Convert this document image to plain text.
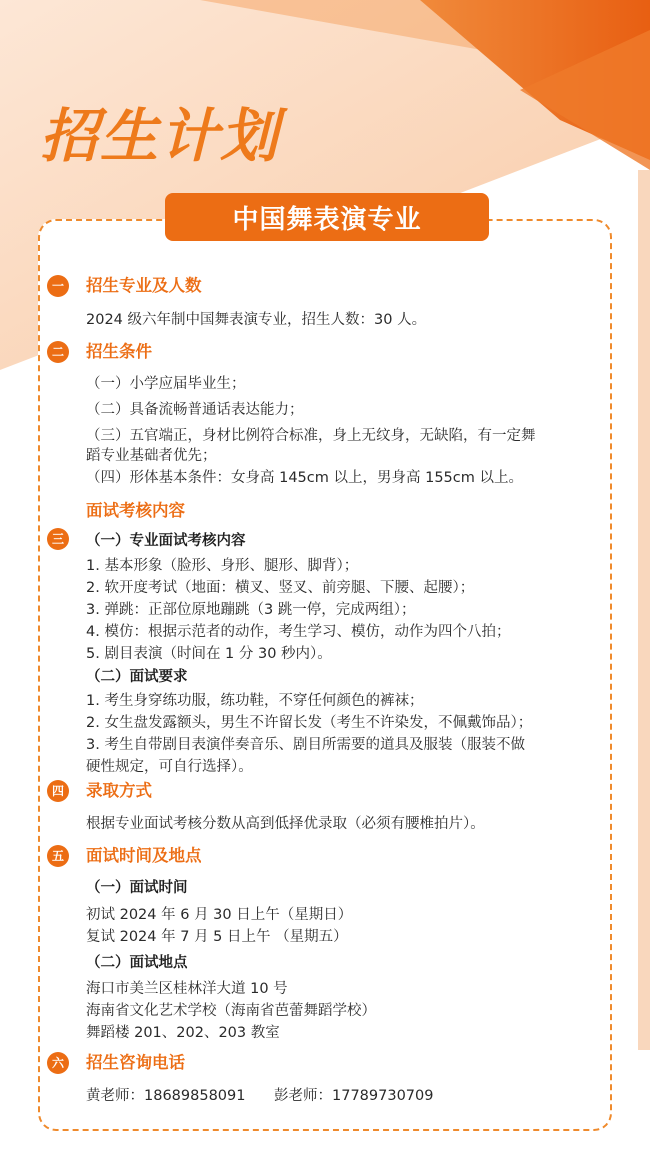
招生计划
中国舞表演专业
一	招生专业及人数
2024 级六年制中国舞表演专业，招生人数：30 人。
二	招生条件
（一）小学应届毕业生；
（二）具备流畅普通话表达能力；
（三）五官端正，身材比例符合标准，身上无纹身，无缺陷，有一定舞
蹈专业基础者优先；
（四）形体基本条件：女身高 145cm 以上，男身高 155cm 以上。
面试考核内容
三	（一）专业面试考核内容
1. 基本形象（脸形、身形、腿形、脚背）；
2. 软开度考试（地面：横叉、竖叉、前旁腿、下腰、起腰）；
3. 弹跳：正部位原地蹦跳（3 跳一停，完成两组）；
4. 模仿：根据示范者的动作，考生学习、模仿，动作为四个八拍；
5. 剧目表演（时间在 1 分 30 秒内）。
（二）面试要求
1. 考生身穿练功服，练功鞋，不穿任何颜色的裤袜；
2. 女生盘发露额头，男生不许留长发（考生不许染发，不佩戴饰品）；
3. 考生自带剧目表演伴奏音乐、剧目所需要的道具及服装（服装不做
硬性规定，可自行选择）。
四	录取方式
根据专业面试考核分数从高到低择优录取（必须有腰椎拍片）。
五	面试时间及地点
（一）面试时间
初试 2024 年 6 月 30 日上午（星期日）
复试 2024 年 7 月 5 日上午 （星期五）
（二）面试地点
海口市美兰区桂林洋大道 10 号
海南省文化艺术学校（海南省芭蕾舞蹈学校）
舞蹈楼 201、202、203 教室
六	招生咨询电话
黄老师：18689858091 彭老师：17789730709
